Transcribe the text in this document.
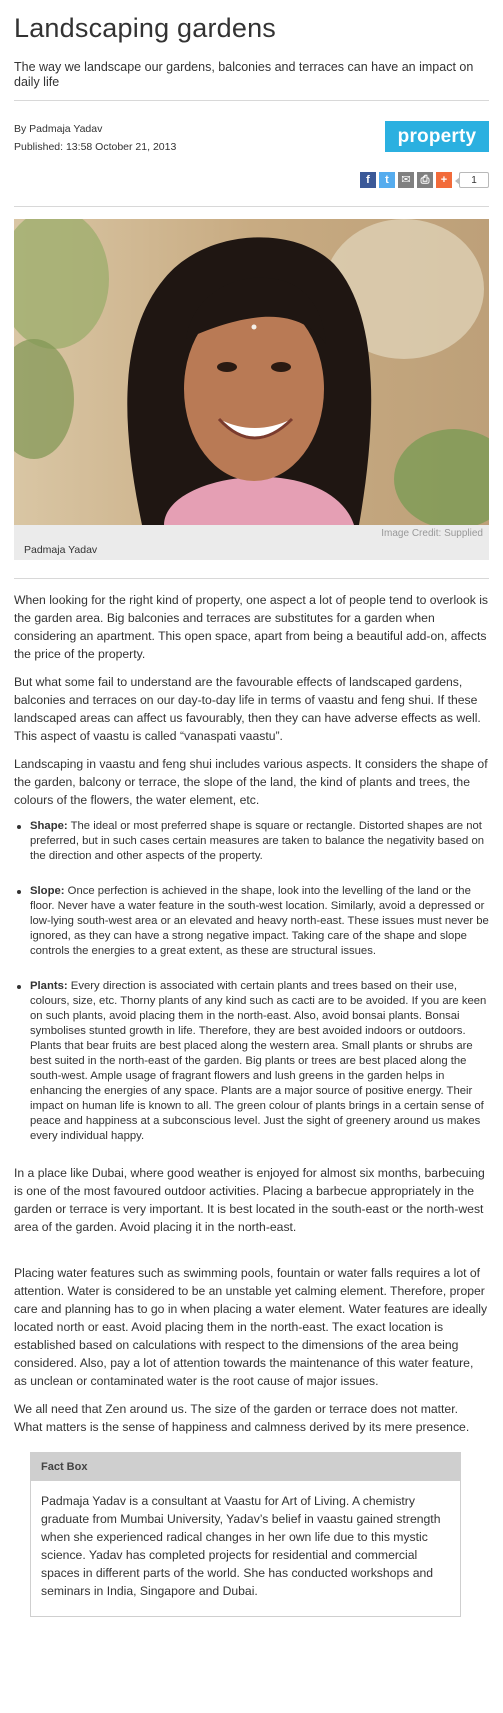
Landscaping gardens

The way we landscape our gardens, balconies and terraces can have an impact on daily life

By Padmaja Yadav
Published: 13:58 October 21, 2013	property
f	t	✉ ⎙	+	1
Image Credit: Supplied
Padmaja Yadav

When looking for the right kind of property, one aspect a lot of people tend to overlook is the garden area. Big balconies and terraces are substitutes for a garden when considering an apartment. This open space, apart from being a beautiful add-on, affects the price of the property.

But what some fail to understand are the favourable effects of landscaped gardens, balconies and terraces on our day-to-day life in terms of vaastu and feng shui. If these landscaped areas can affect us favourably, then they can have adverse effects as well. This aspect of vaastu is called “vanaspati vaastu”.

Landscaping in vaastu and feng shui includes various aspects. It considers the shape of the garden, balcony or terrace, the slope of the land, the kind of plants and trees, the colours of the flowers, the water element, etc.

Shape: The ideal or most preferred shape is square or rectangle. Distorted shapes are not preferred, but in such cases certain measures are taken to balance the negativity based on the direction and other aspects of the property.
Slope: Once perfection is achieved in the shape, look into the levelling of the land or the floor. Never have a water feature in the south-west location. Similarly, avoid a depressed or low-lying south-west area or an elevated and heavy north-east. These issues must never be ignored, as they can have a strong negative impact. Taking care of the shape and slope controls the energies to a great extent, as these are structural issues.
Plants: Every direction is associated with certain plants and trees based on their use, colours, size, etc. Thorny plants of any kind such as cacti are to be avoided. If you are keen on such plants, avoid placing them in the north-east. Also, avoid bonsai plants. Bonsai symbolises stunted growth in life. Therefore, they are best avoided indoors or outdoors. Plants that bear fruits are best placed along the western area. Small plants or shrubs are best suited in the north-east of the garden. Big plants or trees are best placed along the south-west. Ample usage of fragrant flowers and lush greens in the garden helps in enhancing the energies of any space. Plants are a major source of positive energy. Their impact on human life is known to all. The green colour of plants brings in a certain sense of peace and happiness at a subconscious level. Just the sight of greenery around us makes every individual happy.

In a place like Dubai, where good weather is enjoyed for almost six months, barbecuing is one of the most favoured outdoor activities. Placing a barbecue appropriately in the garden or terrace is very important. It is best located in the south-east or the north-west area of the garden. Avoid placing it in the north-east.

Placing water features such as swimming pools, fountain or water falls requires a lot of attention. Water is considered to be an unstable yet calming element. Therefore, proper care and planning has to go in when placing a water element. Water features are ideally located north or east. Avoid placing them in the north-east. The exact location is established based on calculations with respect to the dimensions of the area being considered. Also, pay a lot of attention towards the maintenance of this water feature, as unclean or contaminated water is the root cause of major issues.

We all need that Zen around us. The size of the garden or terrace does not matter. What matters is the sense of happiness and calmness derived by its mere presence.

Fact Box
Padmaja Yadav is a consultant at Vaastu for Art of Living. A chemistry graduate from Mumbai University, Yadav’s belief in vaastu gained strength when she experienced radical changes in her own life due to this mystic science. Yadav has completed projects for residential and commercial spaces in different parts of the world. She has conducted workshops and seminars in India, Singapore and Dubai.
